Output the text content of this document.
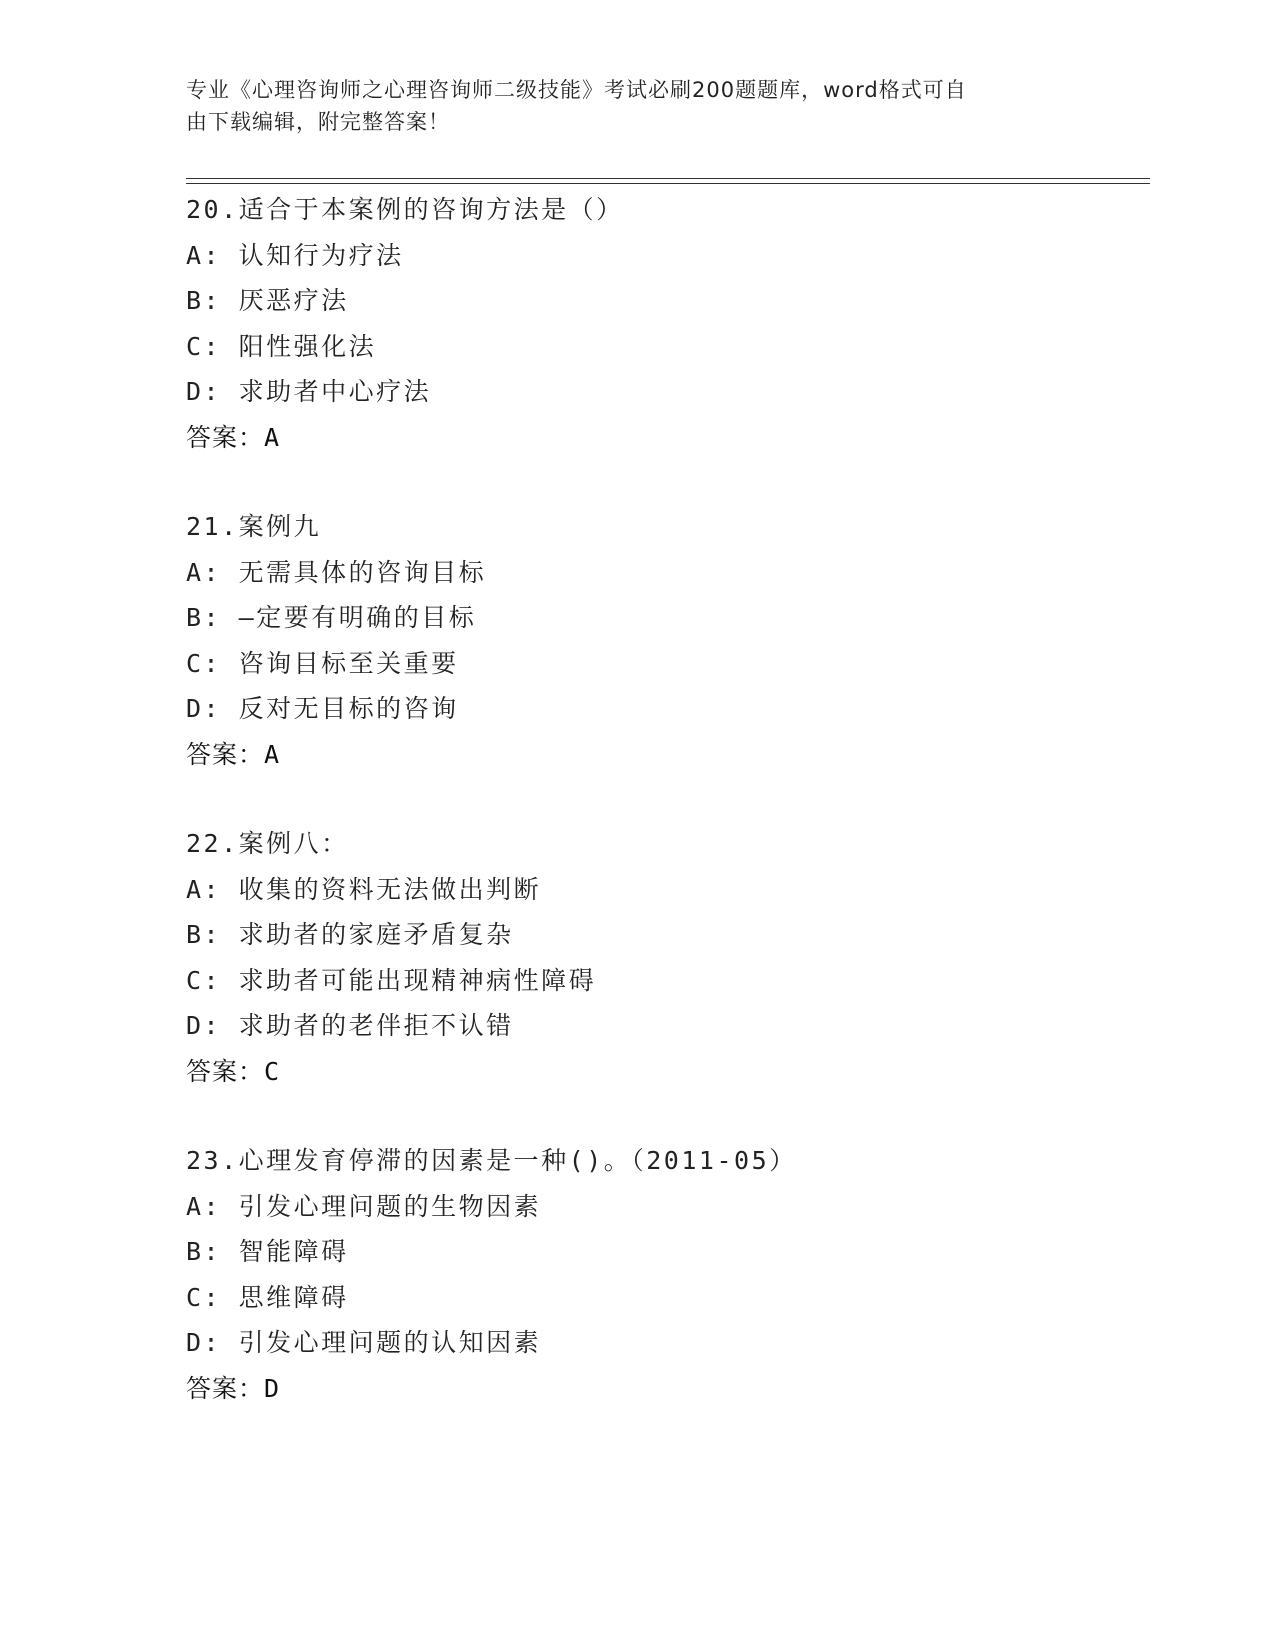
专业《心理咨询师之心理咨询师二级技能》考试必刷200题题库，word格式可自
由下载编辑，附完整答案！
20.适合于本案例的咨询方法是（）
A: 认知行为疗法
B: 厌恶疗法
C: 阳性强化法
D: 求助者中心疗法
答案：A
21.案例九
A: 无需具体的咨询目标
B: —定要有明确的目标
C: 咨询目标至关重要
D: 反对无目标的咨询
答案：A
22.案例八：
A: 收集的资料无法做出判断
B: 求助者的家庭矛盾复杂
C: 求助者可能出现精神病性障碍
D: 求助者的老伴拒不认错
答案：C
23.心理发育停滞的因素是一种()。（2011-05）
A: 引发心理问题的生物因素
B: 智能障碍
C: 思维障碍
D: 引发心理问题的认知因素
答案：D
